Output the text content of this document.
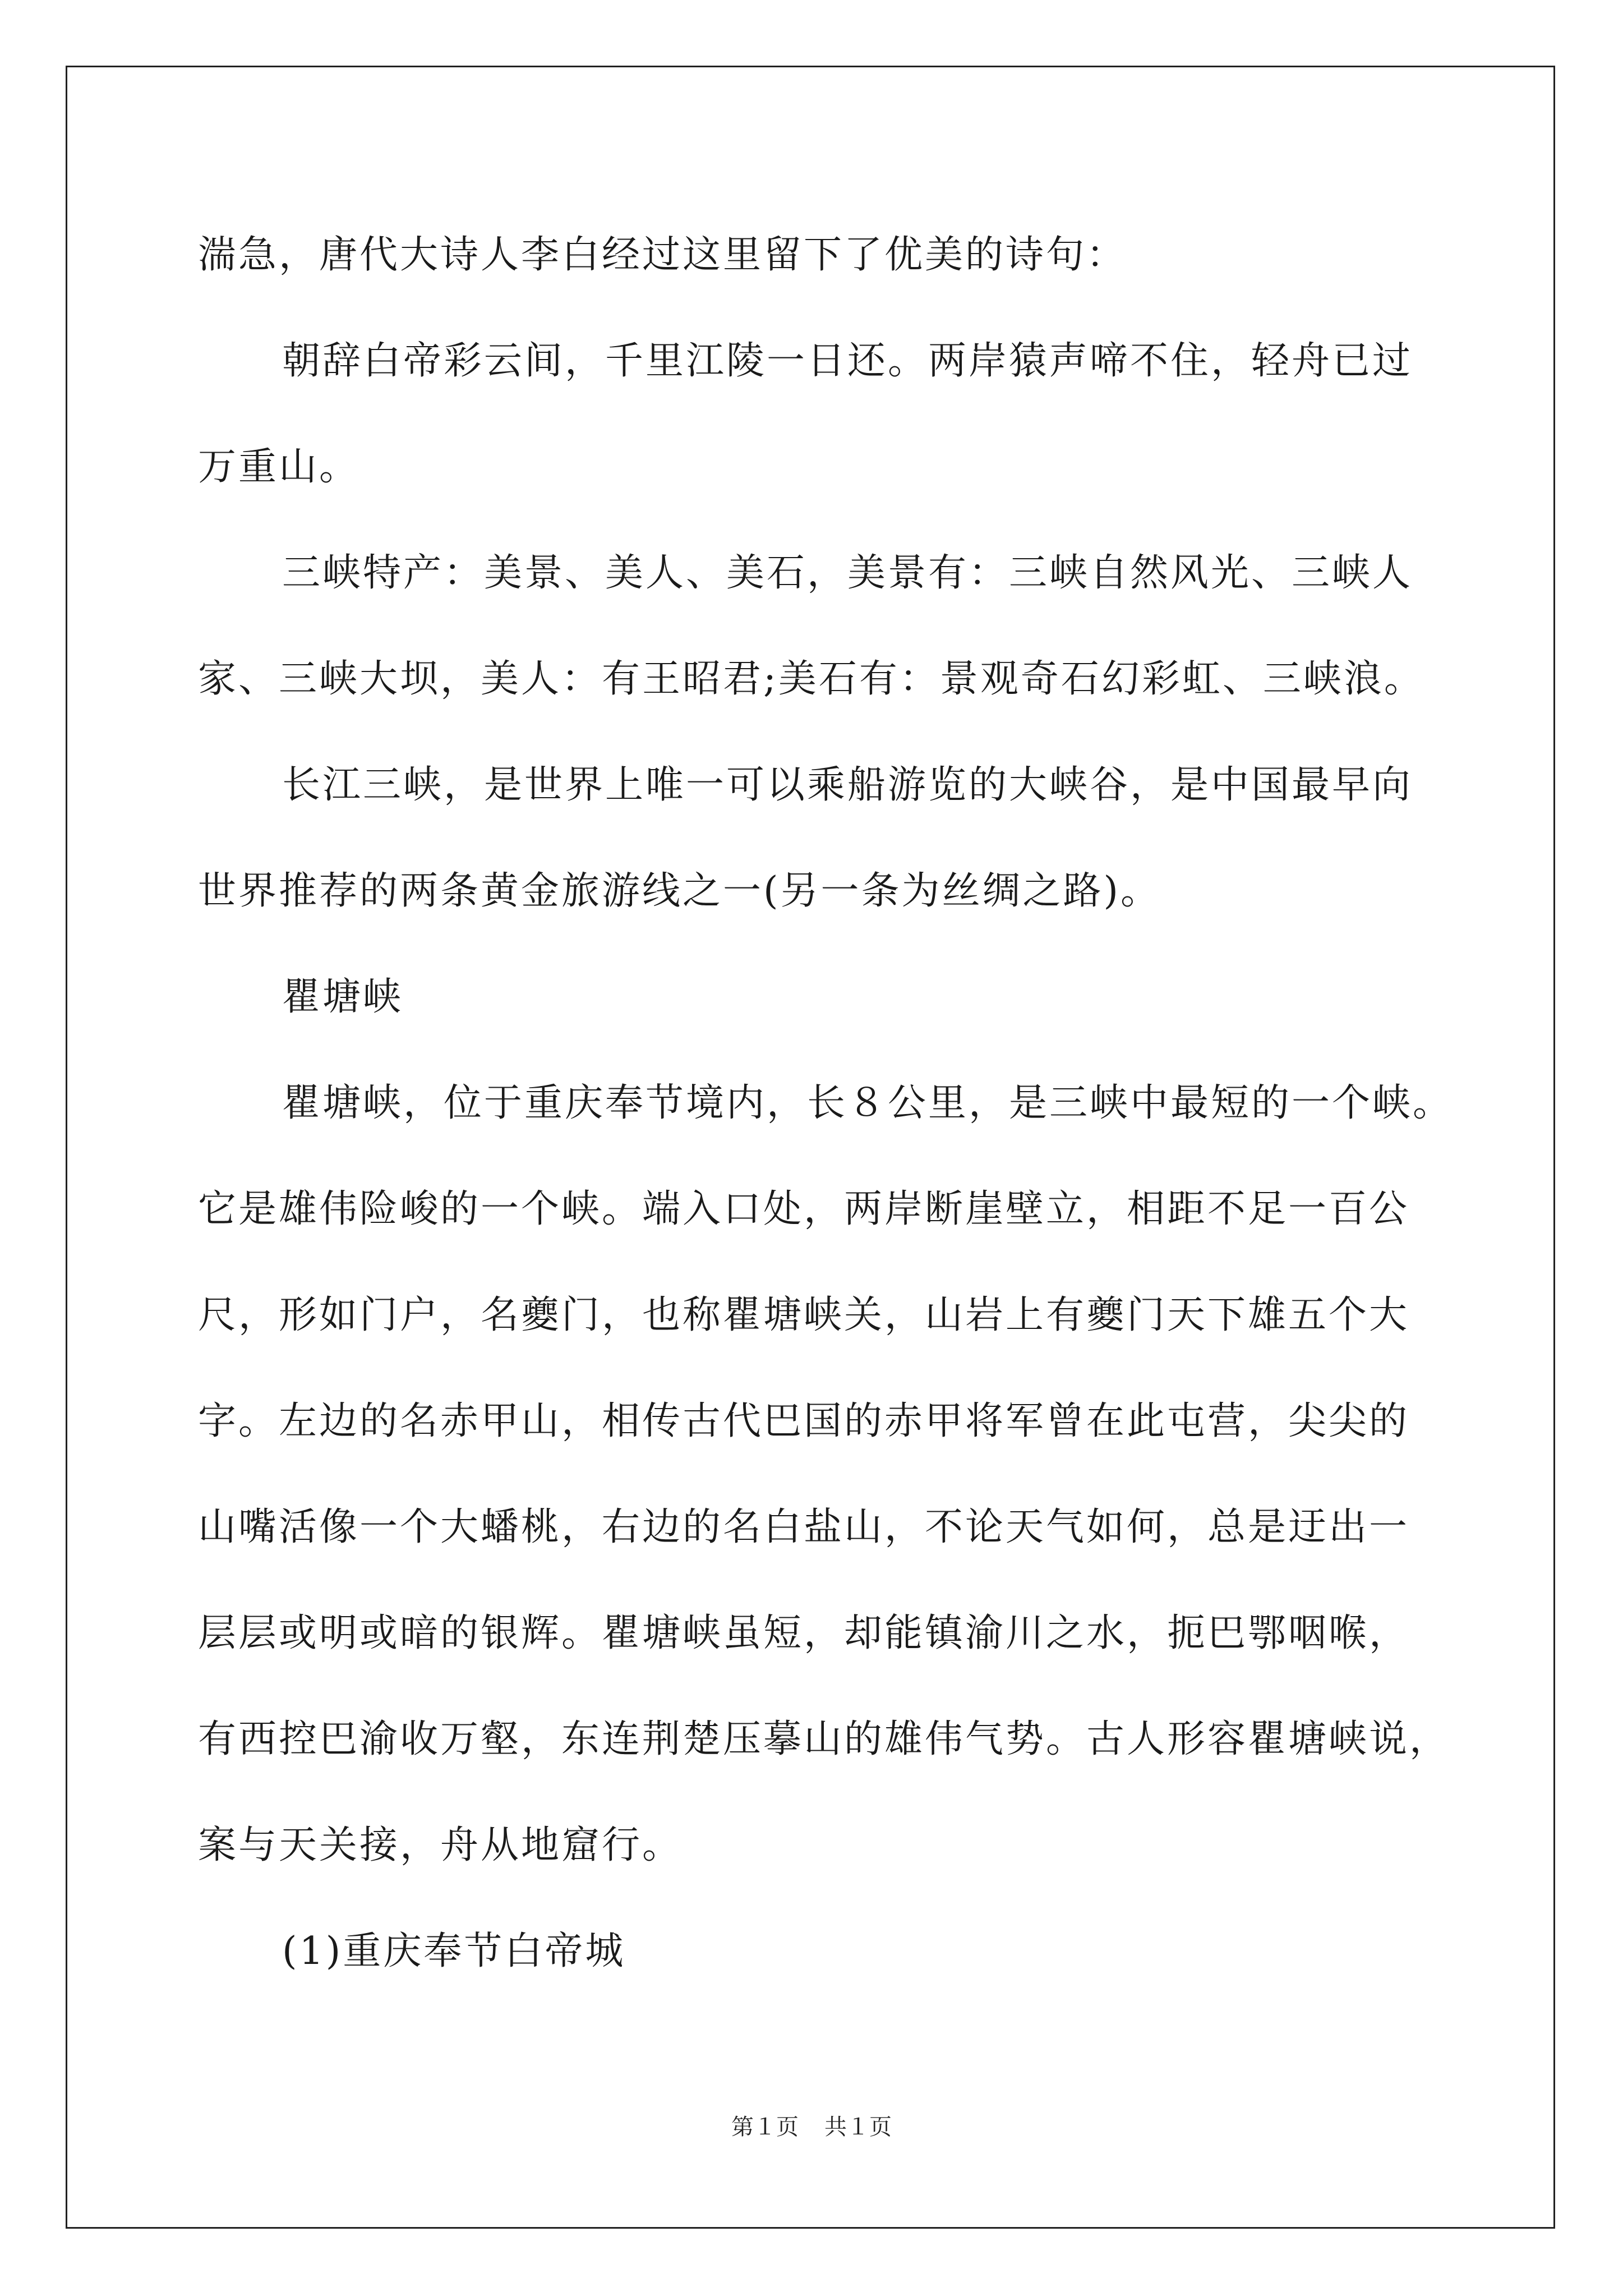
湍急，唐代大诗人李白经过这里留下了优美的诗句：

朝辞白帝彩云间，千里江陵一日还。两岸猿声啼不住，轻舟已过

万重山。

三峡特产：美景、美人、美石，美景有：三峡自然风光、三峡人

家、三峡大坝，美人：有王昭君;美石有：景观奇石幻彩虹、三峡浪。

长江三峡，是世界上唯一可以乘船游览的大峡谷，是中国最早向

世界推荐的两条黄金旅游线之一(另一条为丝绸之路)。

瞿塘峡

瞿塘峡，位于重庆奉节境内，长８公里，是三峡中最短的一个峡。

它是雄伟险峻的一个峡。端入口处，两岸断崖壁立，相距不足一百公

尺，形如门户，名夔门，也称瞿塘峡关，山岩上有夔门天下雄五个大

字。左边的名赤甲山，相传古代巴国的赤甲将军曾在此屯营，尖尖的

山嘴活像一个大蟠桃，右边的名白盐山，不论天气如何，总是迂出一

层层或明或暗的银辉。瞿塘峡虽短，却能镇渝川之水，扼巴鄂咽喉，

有西控巴渝收万壑，东连荆楚压摹山的雄伟气势。古人形容瞿塘峡说，

案与天关接，舟从地窟行。

(1)重庆奉节白帝城

第１页 共１页
